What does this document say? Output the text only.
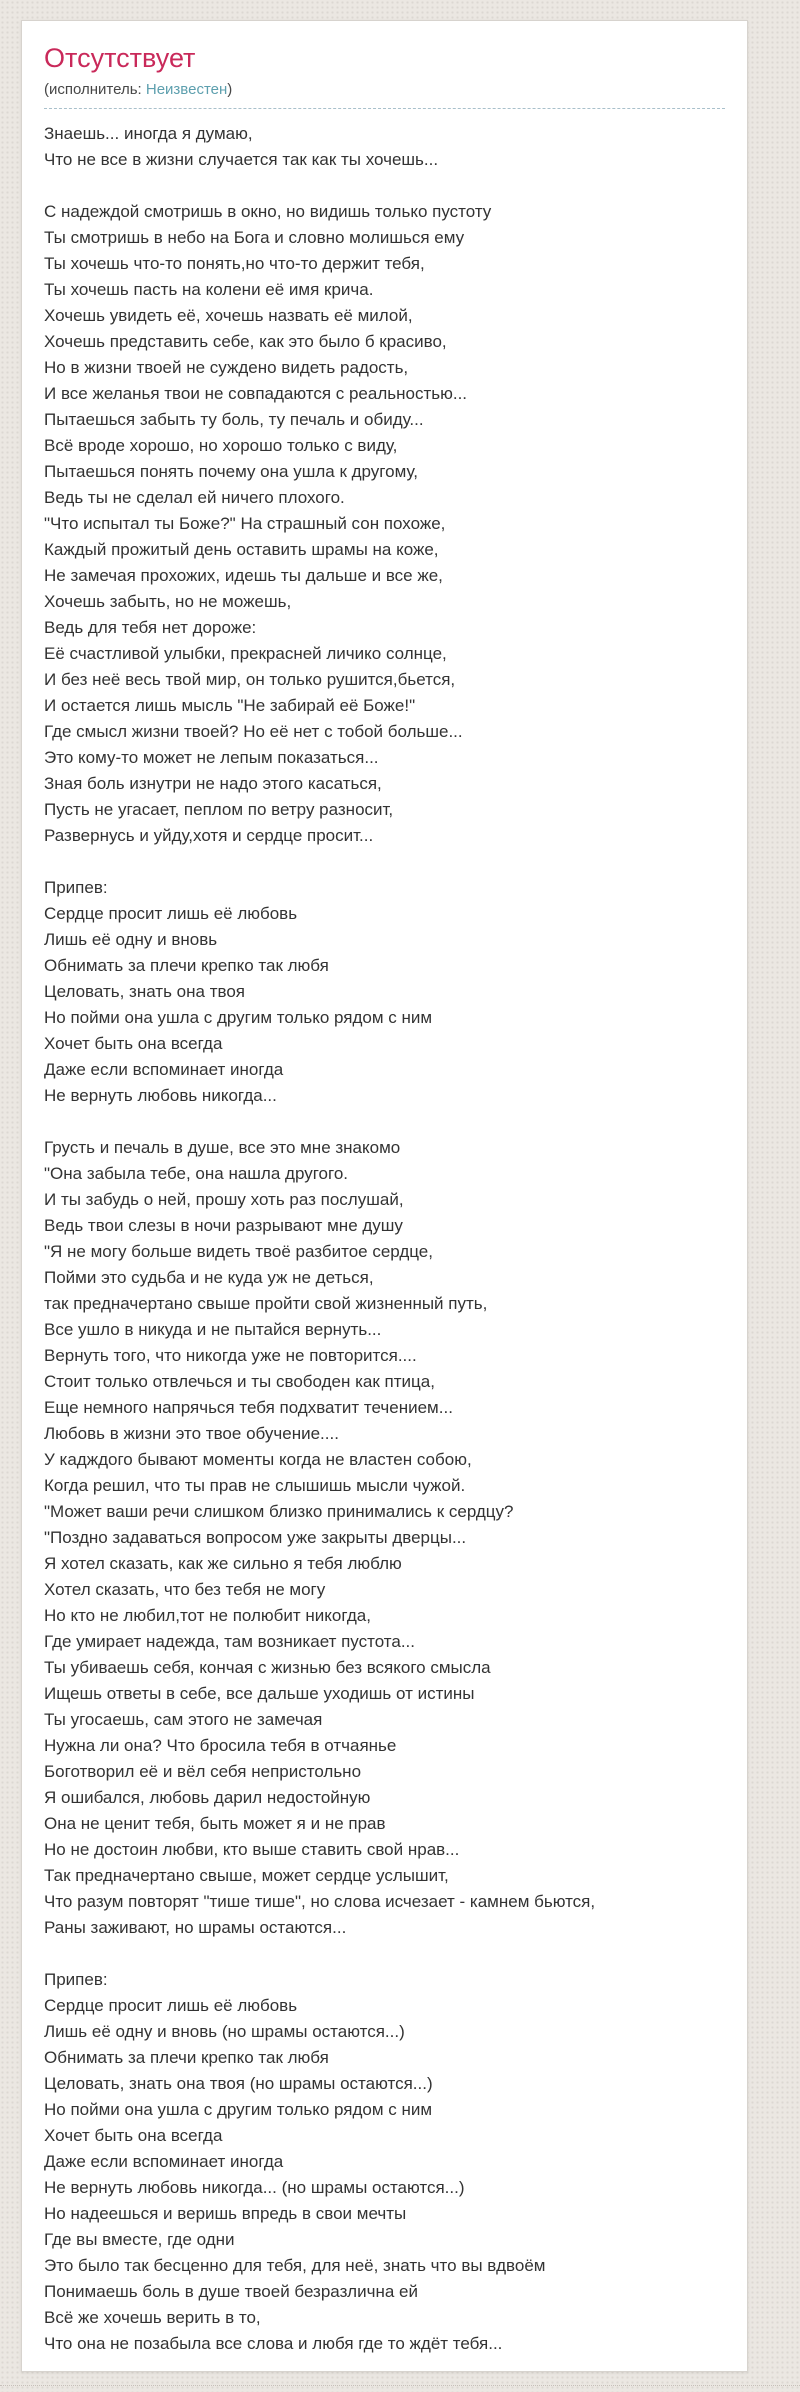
Отсутствует
(исполнитель: Неизвестен)
Знаешь... иногда я думаю,
Что не все в жизни случается так как ты хочешь...
С надеждой смотришь в окно, но видишь только пустоту
Ты смотришь в небо на Бога и словно молишься ему
Ты хочешь что-то понять,но что-то держит тебя,
Ты хочешь пасть на колени её имя крича.
Хочешь увидеть её, хочешь назвать её милой,
Хочешь представить себе, как это было б красиво,
Но в жизни твоей не суждено видеть радость,
И все желанья твои не совпадаются с реальностью...
Пытаешься забыть ту боль, ту печаль и обиду...
Всё вроде хорошо, но хорошо только с виду,
Пытаешься понять почему она ушла к другому,
Ведь ты не сделал ей ничего плохого.
"Что испытал ты Боже?" На страшный сон похоже,
Каждый прожитый день оставить шрамы на коже,
Не замечая прохожих, идешь ты дальше и все же,
Хочешь забыть, но не можешь,
Ведь для тебя нет дороже:
Её счастливой улыбки, прекрасней личико солнце,
И без неё весь твой мир, он только рушится,бьется,
И остается лишь мысль "Не забирай её Боже!"
Где смысл жизни твоей? Но её нет с тобой больше...
Это кому-то может не лепым показаться...
Зная боль изнутри не надо этого касаться,
Пусть не угасает, пеплом по ветру разносит,
Развернусь и уйду,хотя и сердце просит...
Припев:
Сердце просит лишь её любовь
Лишь её одну и вновь
Обнимать за плечи крепко так любя
Целовать, знать она твоя
Но пойми она ушла с другим только рядом с ним
Хочет быть она всегда
Даже если вспоминает иногда
Не вернуть любовь никогда...
Грусть и печаль в душе, все это мне знакомо
"Она забыла тебе, она нашла другого.
И ты забудь о ней, прошу хоть раз послушай,
Ведь твои слезы в ночи разрывают мне душу
"Я не могу больше видеть твоё разбитое сердце,
Пойми это судьба и не куда уж не деться,
так предначертано свыше пройти свой жизненный путь,
Все ушло в никуда и не пытайся вернуть...
Вернуть того, что никогда уже не повторится....
Стоит только отвлечься и ты свободен как птица,
Еще немного напрячься тебя подхватит течением...
Любовь в жизни это твое обучение....
У кадждого бывают моменты когда не властен собою,
Когда решил, что ты прав не слышишь мысли чужой.
"Может ваши речи слишком близко принимались к сердцу?
"Поздно задаваться вопросом уже закрыты дверцы...
Я хотел сказать, как же сильно я тебя люблю
Хотел сказать, что без тебя не могу
Но кто не любил,тот не полюбит никогда,
Где умирает надежда, там возникает пустота...
Ты убиваешь себя, кончая с жизнью без всякого смысла
Ищешь ответы в себе, все дальше уходишь от истины
Ты угосаешь, сам этого не замечая
Нужна ли она? Что бросила тебя в отчаянье
Боготворил её и вёл себя непристольно
Я ошибался, любовь дарил недостойную
Она не ценит тебя, быть может я и не прав
Но не достоин любви, кто выше ставить свой нрав...
Так предначертано свыше, может сердце услышит,
Что разум повторят "тише тише", но слова исчезает - камнем бьются,
Раны заживают, но шрамы остаются...
Припев:
Сердце просит лишь её любовь
Лишь её одну и вновь (но шрамы остаются...)
Обнимать за плечи крепко так любя
Целовать, знать она твоя (но шрамы остаются...)
Но пойми она ушла с другим только рядом с ним
Хочет быть она всегда
Даже если вспоминает иногда
Не вернуть любовь никогда... (но шрамы остаются...)
Но надеешься и веришь впредь в свои мечты
Где вы вместе, где одни
Это было так бесценно для тебя, для неё, знать что вы вдвоём
Понимаешь боль в душе твоей безразлична ей
Всё же хочешь верить в то,
Что она не позабыла все слова и любя где то ждёт тебя...
